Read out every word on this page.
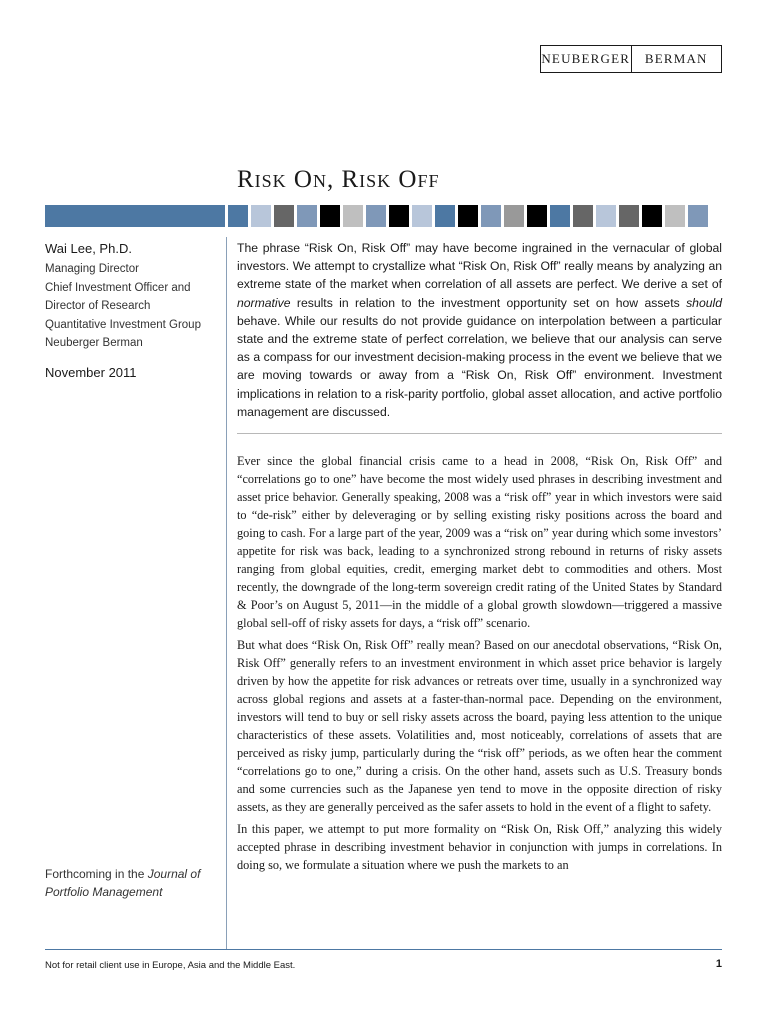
NEUBERGER	BERMAN
Risk On, Risk Off
Wai Lee, Ph.D.
Managing Director
Chief Investment Officer and
Director of Research
Quantitative Investment Group
Neuberger Berman
November 2011

The phrase “Risk On, Risk Off” may have become ingrained in the vernacular of global investors. We attempt to crystallize what “Risk On, Risk Off” really means by analyzing an extreme state of the market when correlation of all assets are perfect. We derive a set of normative results in relation to the investment opportunity set on how assets should behave. While our results do not provide guidance on interpolation between a particular state and the extreme state of perfect correlation, we believe that our analysis can serve as a compass for our investment decision-making process in the event we believe that we are moving towards or away from a “Risk On, Risk Off” environment. Investment implications in relation to a risk-parity portfolio, global asset allocation, and active portfolio management are discussed.

Ever since the global financial crisis came to a head in 2008, “Risk On, Risk Off” and “correlations go to one” have become the most widely used phrases in describing investment and asset price behavior. Generally speaking, 2008 was a “risk off” year in which investors were said to “de-risk” either by deleveraging or by selling existing risky positions across the board and going to cash. For a large part of the year, 2009 was a “risk on” year during which some investors’ appetite for risk was back, leading to a synchronized strong rebound in returns of risky assets ranging from global equities, credit, emerging market debt to commodities and others. Most recently, the downgrade of the long-term sovereign credit rating of the United States by Standard & Poor’s on August 5, 2011—in the middle of a global growth slowdown—triggered a massive global sell-off of risky assets for days, a “risk off” scenario.

But what does “Risk On, Risk Off” really mean? Based on our anecdotal observations, “Risk On, Risk Off” generally refers to an investment environment in which asset price behavior is largely driven by how the appetite for risk advances or retreats over time, usually in a synchronized way across global regions and assets at a faster-than-normal pace. Depending on the environment, investors will tend to buy or sell risky assets across the board, paying less attention to the unique characteristics of these assets. Volatilities and, most noticeably, correlations of assets that are perceived as risky jump, particularly during the “risk off” periods, as we often hear the comment “correlations go to one,” during a crisis. On the other hand, assets such as U.S. Treasury bonds and some currencies such as the Japanese yen tend to move in the opposite direction of risky assets, as they are generally perceived as the safer assets to hold in the event of a flight to safety.

In this paper, we attempt to put more formality on “Risk On, Risk Off,” analyzing this widely accepted phrase in describing investment behavior in conjunction with jumps in correlations. In doing so, we formulate a situation where we push the markets to an

Forthcoming in the Journal of Portfolio Management
Not for retail client use in Europe, Asia and the Middle East.	1
